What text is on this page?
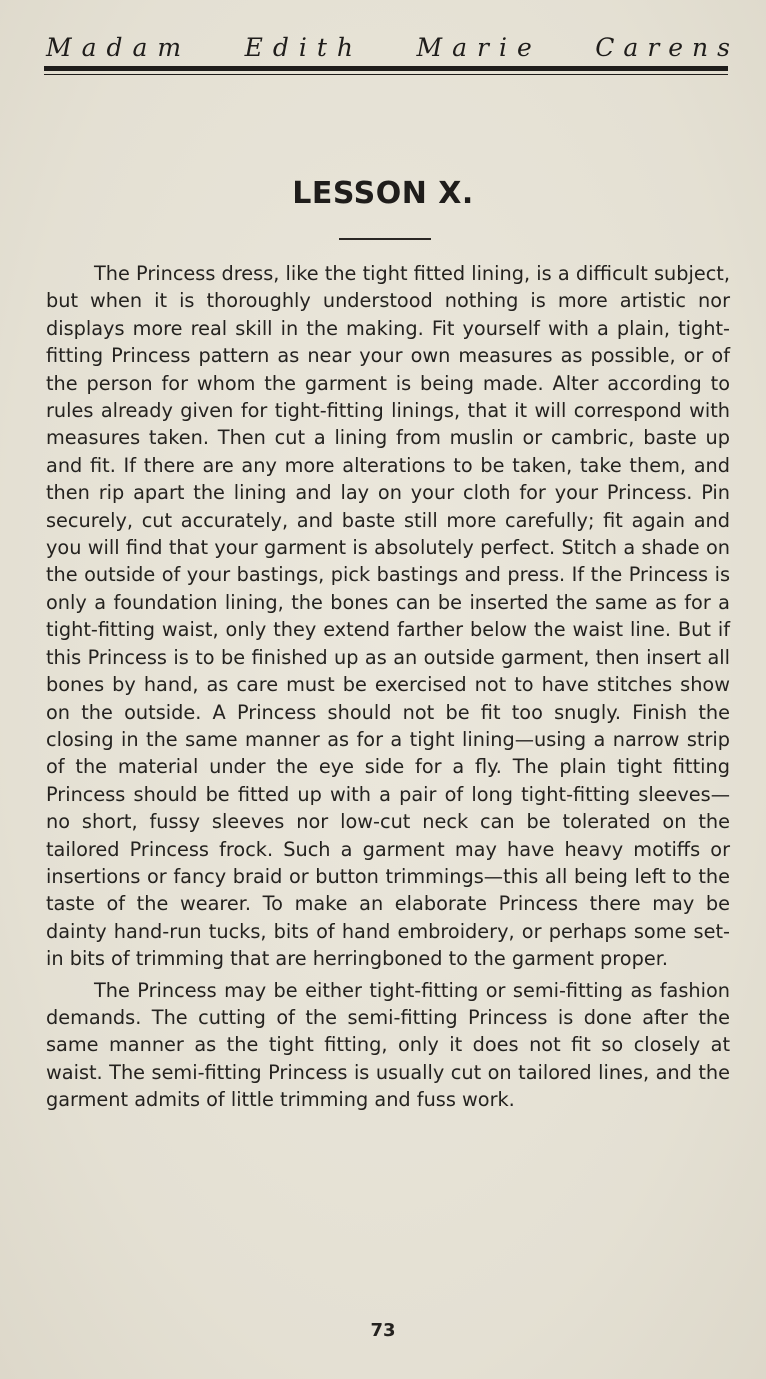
Madam Edith Marie Carens
LESSON X.

The Princess dress, like the tight fitted lining, is a difficult subject, but when it is thoroughly understood nothing is more artistic nor displays more real skill in the making. Fit yourself with a plain, tight-fitting Princess pattern as near your own measures as possible, or of the person for whom the garment is being made. Alter according to rules already given for tight-fitting linings, that it will correspond with measures taken. Then cut a lining from muslin or cambric, baste up and fit. If there are any more alterations to be taken, take them, and then rip apart the lining and lay on your cloth for your Princess. Pin securely, cut accurately, and baste still more carefully; fit again and you will find that your garment is absolutely perfect. Stitch a shade on the outside of your bastings, pick bastings and press. If the Princess is only a foundation lining, the bones can be inserted the same as for a tight-fitting waist, only they extend farther below the waist line. But if this Princess is to be finished up as an outside garment, then insert all bones by hand, as care must be exercised not to have stitches show on the outside. A Princess should not be fit too snugly. Finish the closing in the same manner as for a tight lining—using a narrow strip of the material under the eye side for a fly. The plain tight fitting Princess should be fitted up with a pair of long tight-fitting sleeves—no short, fussy sleeves nor low-cut neck can be tolerated on the tailored Princess frock. Such a garment may have heavy motiffs or insertions or fancy braid or button trimmings—this all being left to the taste of the wearer. To make an elaborate Princess there may be dainty hand-run tucks, bits of hand embroidery, or perhaps some set-in bits of trimming that are herringboned to the garment proper.

The Princess may be either tight-fitting or semi-fitting as fashion demands. The cutting of the semi-fitting Princess is done after the same manner as the tight fitting, only it does not fit so closely at waist. The semi-fitting Princess is usually cut on tailored lines, and the garment admits of little trimming and fuss work.

73
